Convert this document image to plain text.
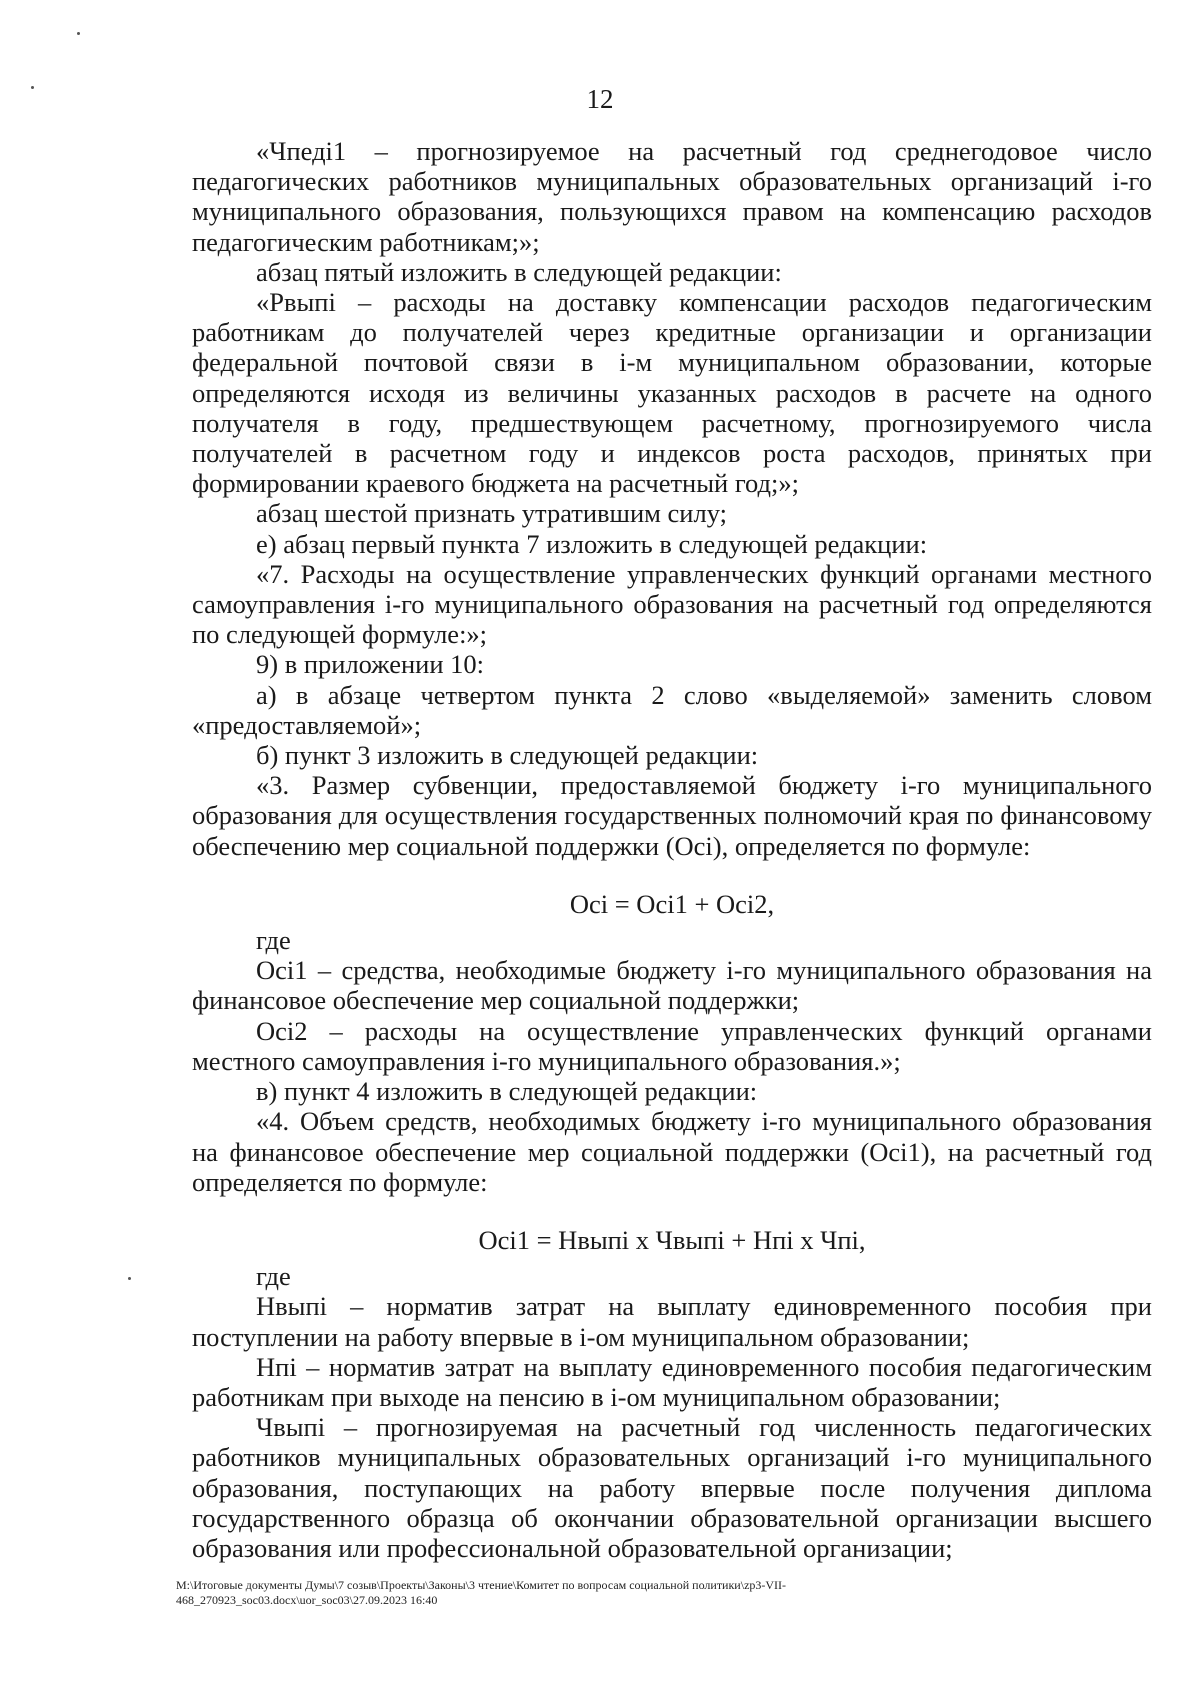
12

«Чпедi1 – прогнозируемое на расчетный год среднегодовое число педагогических работников муниципальных образовательных организаций i-го муниципального образования, пользующихся правом на компенсацию расходов педагогическим работникам;»;

абзац пятый изложить в следующей редакции:

«Pвыпi – расходы на доставку компенсации расходов педагогическим работникам до получателей через кредитные организации и организации федеральной почтовой связи в i-м муниципальном образовании, которые определяются исходя из величины указанных расходов в расчете на одного получателя в году, предшествующем расчетному, прогнозируемого числа получателей в расчетном году и индексов роста расходов, принятых при формировании краевого бюджета на расчетный год;»;

абзац шестой признать утратившим силу;

е) абзац первый пункта 7 изложить в следующей редакции:

«7. Расходы на осуществление управленческих функций органами местного самоуправления i-го муниципального образования на расчетный год определяются по следующей формуле:»;

9) в приложении 10:

а) в абзаце четвертом пункта 2 слово «выделяемой» заменить словом «предоставляемой»;

б) пункт 3 изложить в следующей редакции:

«3. Размер субвенции, предоставляемой бюджету i-го муниципального образования для осуществления государственных полномочий края по финансовому обеспечению мер социальной поддержки (Осi), определяется по формуле:

Осi = Осi1 + Осi2,

где

Осi1 – средства, необходимые бюджету i-го муниципального образования на финансовое обеспечение мер социальной поддержки;

Осi2 – расходы на осуществление управленческих функций органами местного самоуправления i-го муниципального образования.»;

в) пункт 4 изложить в следующей редакции:

«4. Объем средств, необходимых бюджету i-го муниципального образования на финансовое обеспечение мер социальной поддержки (Осi1), на расчетный год определяется по формуле:

Осi1 = Нвыпi х Чвыпi + Нпi х Чпi,

где

Нвыпi – норматив затрат на выплату единовременного пособия при поступлении на работу впервые в i-ом муниципальном образовании;

Нпi – норматив затрат на выплату единовременного пособия педагогическим работникам при выходе на пенсию в i-ом муниципальном образовании;

Чвыпi – прогнозируемая на расчетный год численность педагогических работников муниципальных образовательных организаций i-го муниципального образования, поступающих на работу впервые после получения диплома государственного образца об окончании образовательной организации высшего образования или профессиональной образовательной организации;

M:\Итоговые документы Думы\7 созыв\Проекты\Законы\3 чтение\Комитет по вопросам социальной политики\zp3-VII-

468_270923_soc03.docx\uor_soc03\27.09.2023 16:40
